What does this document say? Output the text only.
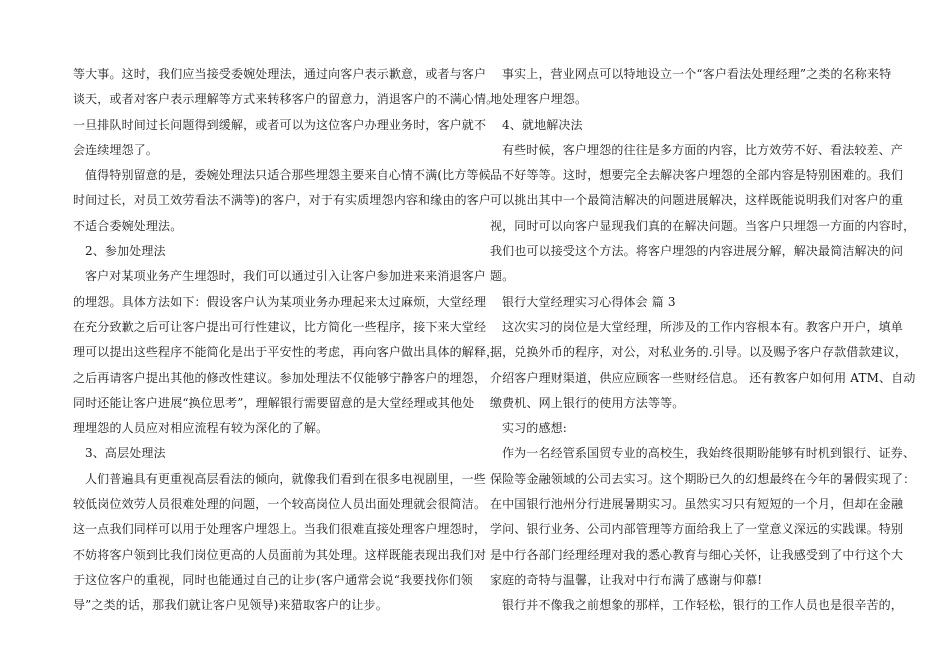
等大事。这时，我们应当接受委婉处理法，通过向客户表示歉意，或者与客户
谈天，或者对客户表示理解等方式来转移客户的留意力，消退客户的不满心情。
一旦排队时间过长问题得到缓解，或者可以为这位客户办理业务时，客户就不
会连续埋怨了。
值得特别留意的是，委婉处理法只适合那些埋怨主要来自心情不满(比方等候
时间过长，对员工效劳看法不满等)的客户，对于有实质埋怨内容和缘由的客户
不适合委婉处理法。
2、参加处理法
客户对某项业务产生埋怨时，我们可以通过引入让客户参加进来来消退客户
的埋怨。具体方法如下：假设客户认为某项业务办理起来太过麻烦，大堂经理
在充分致歉之后可让客户提出可行性建议，比方简化一些程序，接下来大堂经
理可以提出这些程序不能简化是出于平安性的考虑，再向客户做出具体的解释，
之后再请客户提出其他的修改性建议。参加处理法不仅能够宁静客户的埋怨，
同时还能让客户进展“换位思考”，理解银行需要留意的是大堂经理或其他处
理埋怨的人员应对相应流程有较为深化的了解。
3、高层处理法
人们普遍具有更重视高层看法的倾向，就像我们看到在很多电视剧里，一些
较低岗位效劳人员很难处理的问题，一个较高岗位人员出面处理就会很简洁。
这一点我们同样可以用于处理客户埋怨上。当我们很难直接处理客户埋怨时，
不妨将客户领到比我们岗位更高的人员面前为其处理。这样既能表现出我们对
于这位客户的重视，同时也能通过自己的让步(客户通常会说“我要找你们领
导”之类的话，那我们就让客户见领导)来猎取客户的让步。
事实上，营业网点可以特地设立一个“客户看法处理经理”之类的名称来特
地处理客户埋怨。
4、就地解决法
有些时候，客户埋怨的往往是多方面的内容，比方效劳不好、看法较差、产
品不好等等。这时，想要完全去解决客户埋怨的全部内容是特别困难的。我们
可以挑出其中一个最简洁解决的问题进展解决，这样既能说明我们对客户的重
视，同时可以向客户显现我们真的在解决问题。当客户只埋怨一方面的内容时，
我们也可以接受这个方法。将客户埋怨的内容进展分解，解决最简洁解决的问
题。
银行大堂经理实习心得体会 篇 3
这次实习的岗位是大堂经理，所涉及的工作内容根本有。教客户开户，填单
据，兑换外币的程序，对公，对私业务的.引导。以及赐予客户存款借款建议，
介绍客户理财渠道，供应应顾客一些财经信息。 还有教客户如何用 ATM、自动
缴费机、网上银行的使用方法等等。
实习的感想:
作为一名经管系国贸专业的高校生，我始终很期盼能够有时机到银行、证券、
保险等金融领域的公司去实习。这个期盼已久的幻想最终在今年的暑假实现了：
在中国银行池州分行进展暑期实习。虽然实习只有短短的一个月，但却在金融
学问、银行业务、公司内部管理等方面给我上了一堂意义深远的实践课。特别
是中行各部门经理经理对我的悉心教育与细心关怀，让我感受到了中行这个大
家庭的奇特与温馨，让我对中行布满了感谢与仰慕!
银行并不像我之前想象的那样，工作轻松，银行的工作人员也是很辛苦的，
